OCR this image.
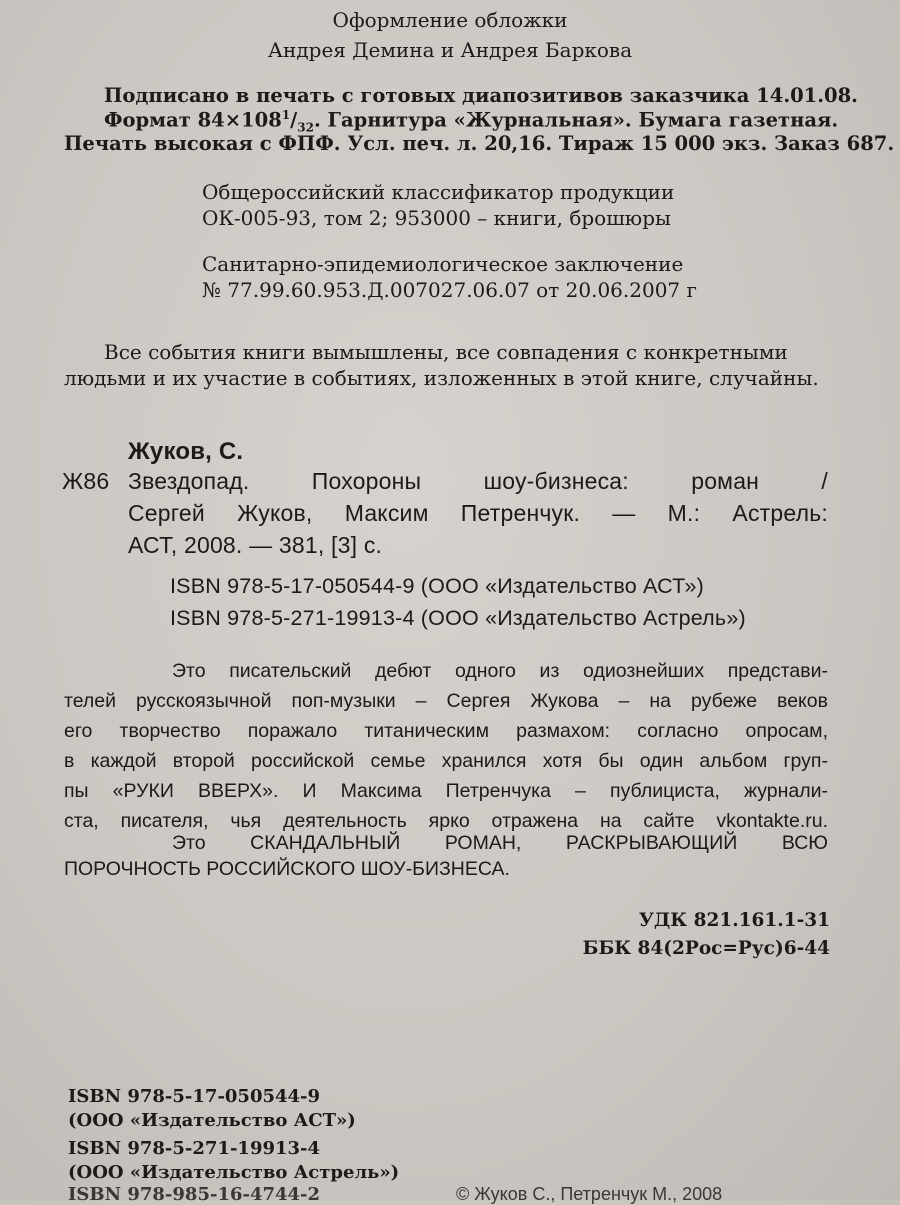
Оформление обложки
Андрея Демина и Андрея Баркова
Подписано в печать с готовых диапозитивов заказчика 14.01.08.
Формат $84\times 108^1/_{32}$. Гарнитура «Журнальная». Бумага газетная.
Печать высокая с ФПФ. Усл. печ. л. 20,16. Тираж 15 000 экз. Заказ 687.
Общероссийский классификатор продукции
ОК-005-93, том 2; 953000 – книги, брошюры
Санитарно-эпидемиологическое заключение
№ 77.99.60.953.Д.007027.06.07 от 20.06.2007 г
Все события книги вымышлены, все совпадения с конкретными
людьми и их участие в событиях, изложенных в этой книге, случайны.
Жуков, С.
Ж86 Звездопад. Похороны шоу-бизнеса: роман /
Сергей Жуков, Максим Петренчук. — М.: Астрель:
АСТ, 2008. — 381, [3] с.
ISBN 978-5-17-050544-9 (ООО «Издательство АСТ»)
ISBN 978-5-271-19913-4 (ООО «Издательство Астрель»)
Это писательский дебют одного из одиознейших представи-
телей русскоязычной поп-музыки – Сергея Жукова – на рубеже веков
его творчество поражало титаническим размахом: согласно опросам,
в каждой второй российской семье хранился хотя бы один альбом груп-
пы «РУКИ ВВЕРХ». И Максима Петренчука – публициста, журнали-
ста, писателя, чья деятельность ярко отражена на сайте vkontakte.ru.
Это СКАНДАЛЬНЫЙ РОМАН, РАСКРЫВАЮЩИЙ ВСЮ
ПОРОЧНОСТЬ РОССИЙСКОГО ШОУ-БИЗНЕСА.
УДК 821.161.1-31
ББК 84(2Рос=Рус)6-44
ISBN 978-5-17-050544-9
(ООО «Издательство АСТ»)
ISBN 978-5-271-19913-4
(ООО «Издательство Астрель»)
ISBN 978-985-16-4744-2	© Жуков С., Петренчук М., 2008
